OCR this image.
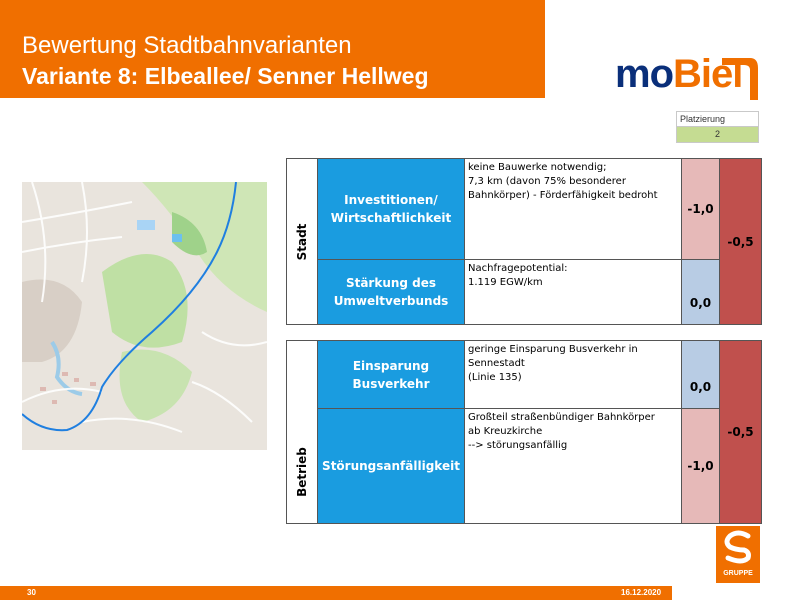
Bewertung Stadtbahnvarianten
Variante 8: Elbeallee/ Senner Hellweg	moBiel
Platzierung
2
Stadt	Investitionen/
Wirtschaftlichkeit	keine Bauwerke notwendig;
7,3 km (davon 75% besonderer
Bahnkörper) - Förderfähigkeit bedroht	-1,0	-0,5
	Stärkung des
Umweltverbunds	Nachfragepotential:
1.119 EGW/km	0,0	
Betrieb	Einsparung
Busverkehr	geringe Einsparung Busverkehr in
Sennestadt
(Linie 135)	0,0	-0,5
	Störungsanfälligkeit	Großteil straßenbündiger Bahnkörper
ab Kreuzkirche
--> störungsanfällig	-1,0	
30	16.12.2020
GRUPPE
